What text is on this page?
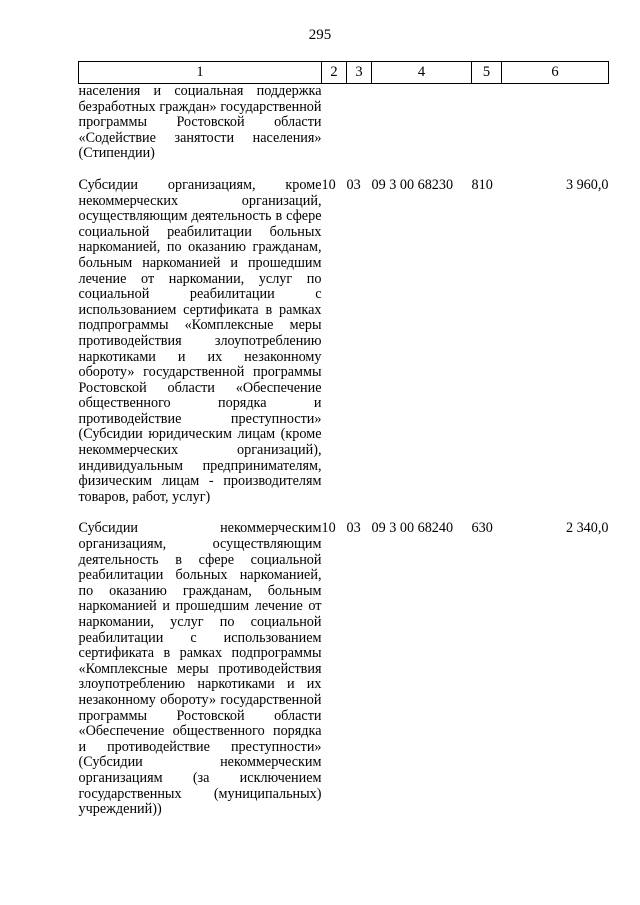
295
1	2	3	4	5	6
населения и социальная поддержка безработных граждан» государственной программы Ростовской области «Содействие занятости населения» (Стипендии)					
Субсидии организациям, кроме некоммерческих организаций, осуществляющим деятельность в сфере социальной реабилитации больных наркоманией, по оказанию гражданам, больным наркоманией и прошедшим лечение от наркомании, услуг по социальной реабилитации с использованием сертификата в рамках подпрограммы «Комплексные меры противодействия злоупотреблению наркотиками и их незаконному обороту» государственной программы Ростовской области «Обеспечение общественного порядка и противодействие преступности» (Субсидии юридическим лицам (кроме некоммерческих организаций), индивидуальным предпринимателям, физическим лицам - производителям товаров, работ, услуг)	10	03	09 3 00 68230	810	3 960,0
Субсидии некоммерческим организациям, осуществляющим деятельность в сфере социальной реабилитации больных наркоманией, по оказанию гражданам, больным наркоманией и прошедшим лечение от наркомании, услуг по социальной реабилитации с использованием сертификата в рамках подпрограммы «Комплексные меры противодействия злоупотреблению наркотиками и их незаконному обороту» государственной программы Ростовской области «Обеспечение общественного порядка и противодействие преступности» (Субсидии некоммерческим организациям (за исключением государственных (муниципальных) учреждений))	10	03	09 3 00 68240	630	2 340,0
